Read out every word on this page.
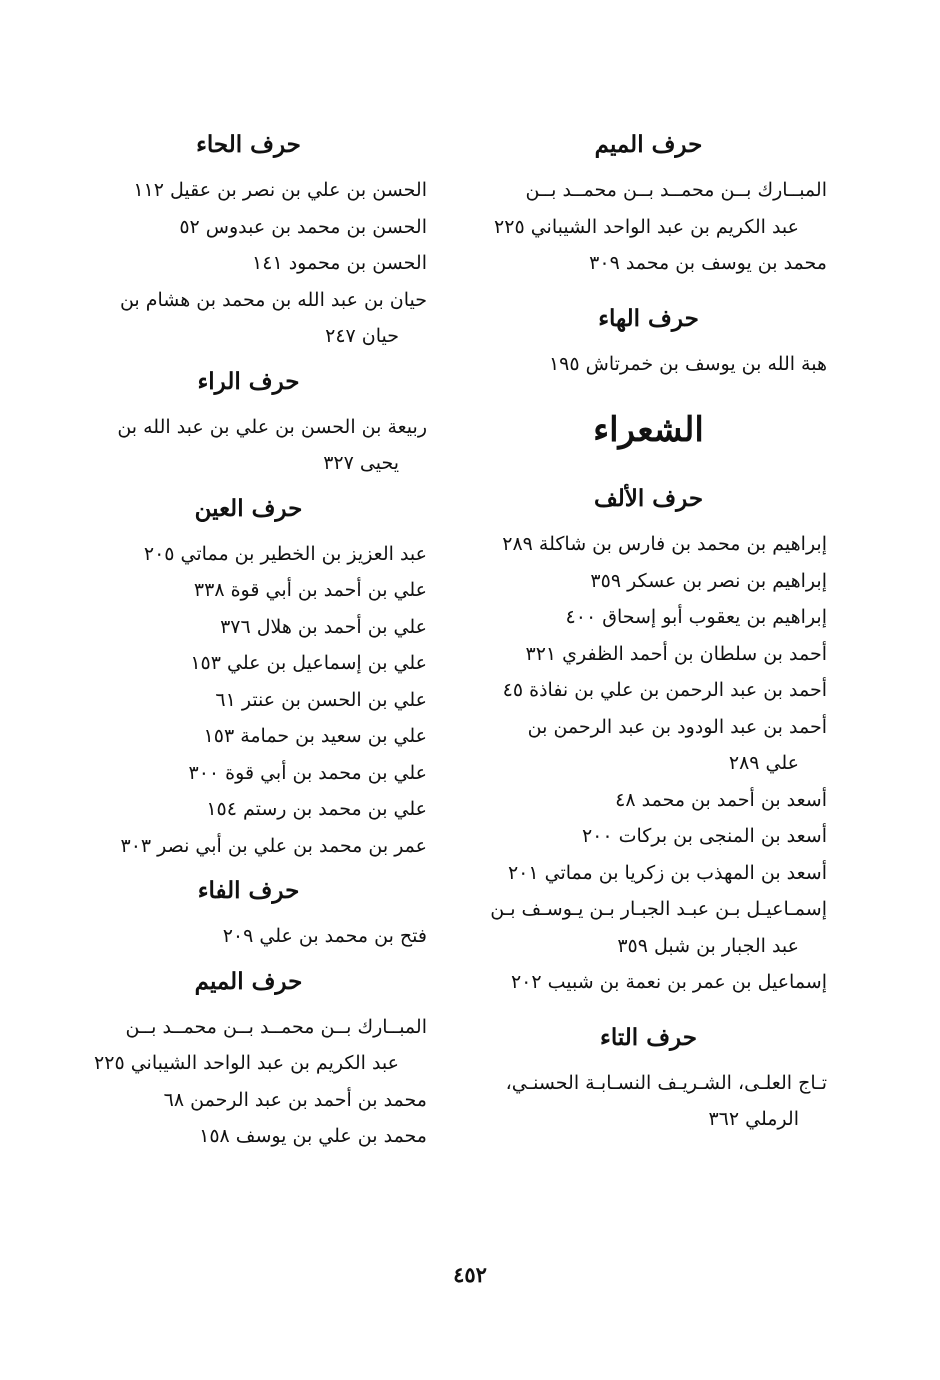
حرف الميم
المبــارك بــن محمــد بــن محمــد بــن
عبد الكريم بن عبد الواحد الشيباني ٢٢٥
محمد بن يوسف بن محمد ٣٠٩
حرف الهاء
هبة الله بن يوسف بن خمرتاش ١٩٥
الشعراء
حرف الألف
إبراهيم بن محمد بن فارس بن شاكلة ٢٨٩
إبراهيم بن نصر بن عسكر ٣٥٩
إبراهيم بن يعقوب أبو إسحاق ٤٠٠
أحمد بن سلطان بن أحمد الظفري ٣٢١
أحمد بن عبد الرحمن بن علي بن نفاذة ٤٥
أحمد بن عبد الودود بن عبد الرحمن بن
علي ٢٨٩
أسعد بن أحمد بن محمد ٤٨
أسعد بن المنجى بن بركات ٢٠٠
أسعد بن المهذب بن زكريا بن مماتي ٢٠١
إسمـاعيـل بـن عبـد الجبـار بـن يـوسـف بـن
عبد الجبار بن شبل ٣٥٩
إسماعيل بن عمر بن نعمة بن شبيب ٢٠٢
حرف التاء
تـاج العلـى، الشـريـف النسـابـة الحسنـي،
الرملي ٣٦٢
حرف الحاء
الحسن بن علي بن نصر بن عقيل ١١٢
الحسن بن محمد بن عبدوس ٥٢
الحسن بن محمود ١٤١
حيان بن عبد الله بن محمد بن هشام بن
حيان ٢٤٧
حرف الراء
ربيعة بن الحسن بن علي بن عبد الله بن
يحيى ٣٢٧
حرف العين
عبد العزيز بن الخطير بن مماتي ٢٠٥
علي بن أحمد بن أبي قوة ٣٣٨
علي بن أحمد بن هلال ٣٧٦
علي بن إسماعيل بن علي ١٥٣
علي بن الحسن بن عنتر ٦١
علي بن سعيد بن حمامة ١٥٣
علي بن محمد بن أبي قوة ٣٠٠
علي بن محمد بن رستم ١٥٤
عمر بن محمد بن علي بن أبي نصر ٣٠٣
حرف الفاء
فتح بن محمد بن علي ٢٠٩
حرف الميم
المبــارك بــن محمــد بــن محمــد بــن
عبد الكريم بن عبد الواحد الشيباني ٢٢٥
محمد بن أحمد بن عبد الرحمن ٦٨
محمد بن علي بن يوسف ١٥٨
٤٥٢
